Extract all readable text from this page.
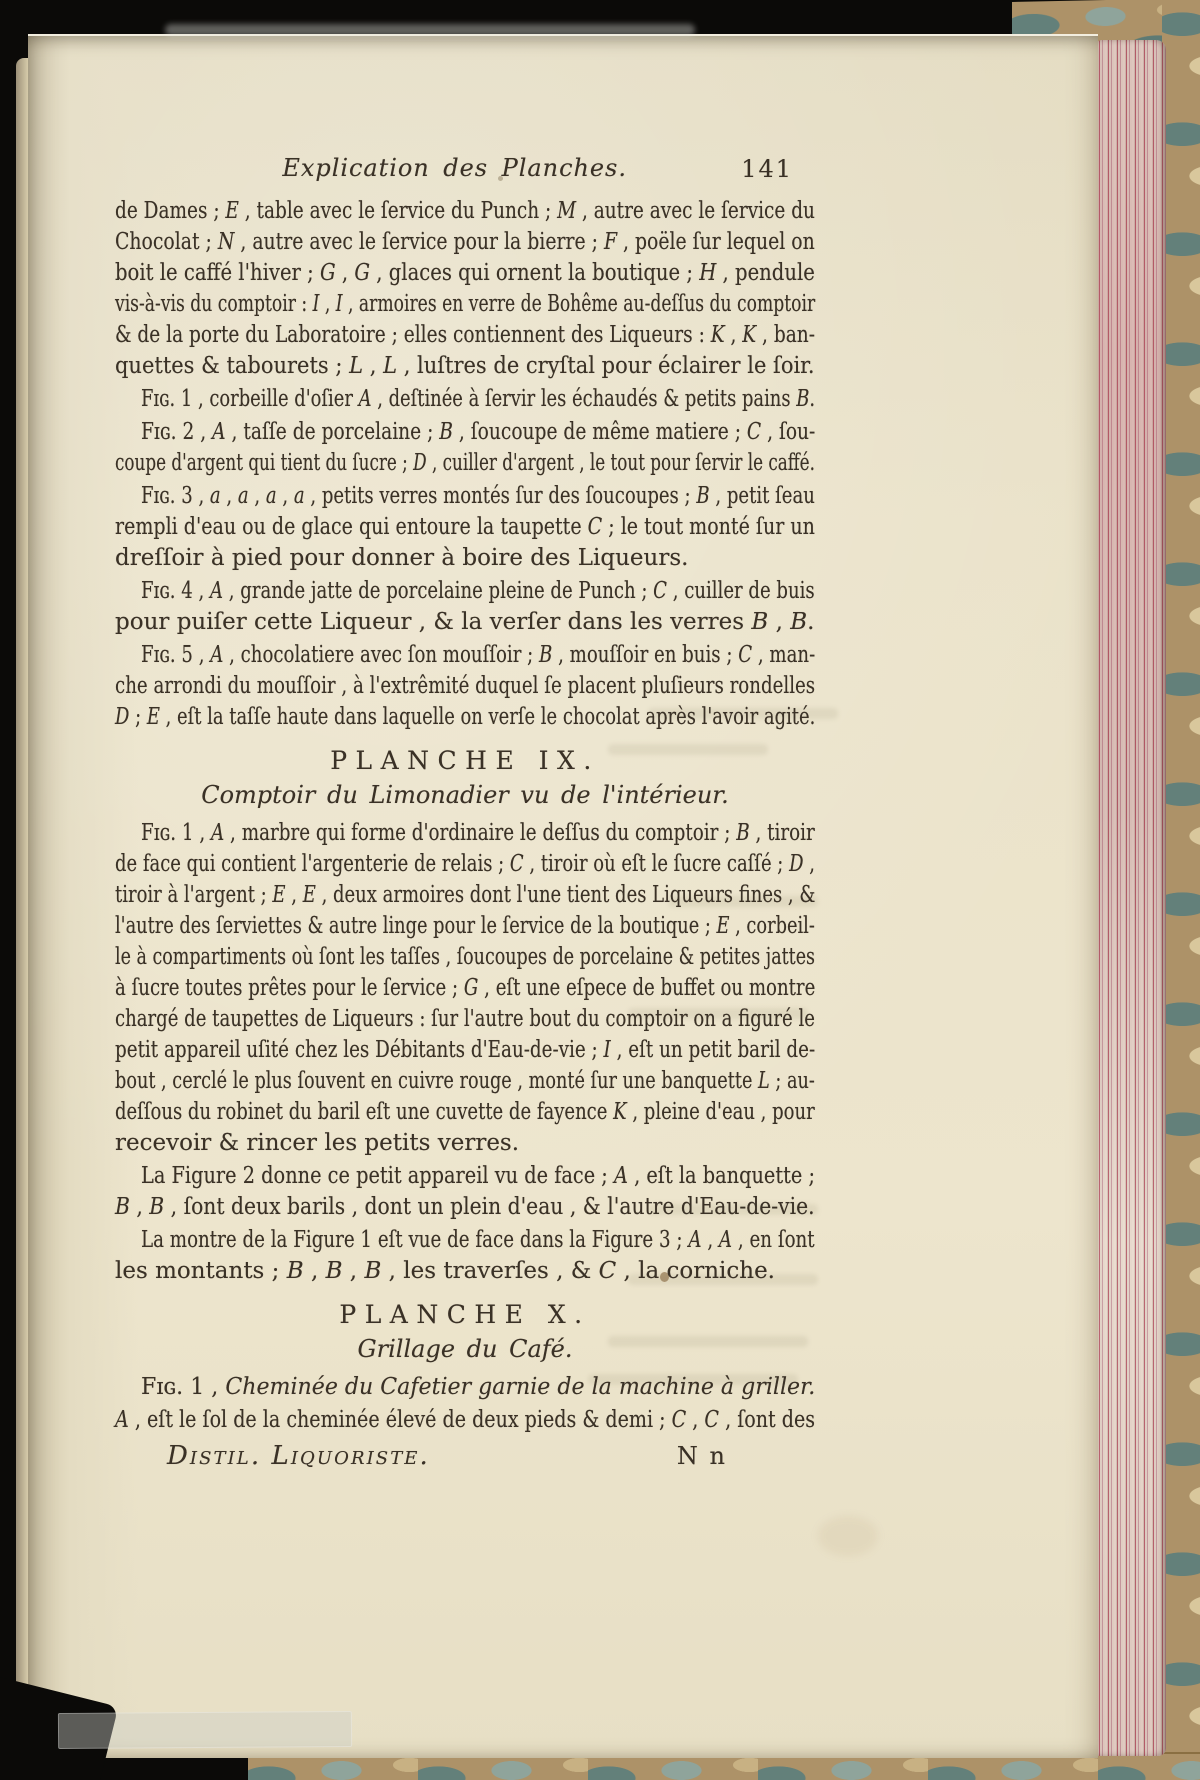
Explication des Planches.	141
de Dames ; E , table avec le ſervice du Punch ; M , autre avec le ſervice du
Chocolat ; N , autre avec le ſervice pour la bierre ; F , poële ſur lequel on
boit le caffé l'hiver ; G , G , glaces qui ornent la boutique ; H , pendule
vis-à-vis du comptoir : I , I , armoires en verre de Bohême au-deſſus du comptoir
& de la porte du Laboratoire ; elles contiennent des Liqueurs : K , K , ban-
quettes & tabourets ; L , L , luſtres de cryſtal pour éclairer le ſoir.
Fɪɢ. 1 , corbeille d'oſier A , deſtinée à ſervir les échaudés & petits pains B.
Fɪɢ. 2 , A , taſſe de porcelaine ; B , ſoucoupe de même matiere ; C , ſou-
coupe d'argent qui tient du ſucre ; D , cuiller d'argent , le tout pour ſervir le caffé.
Fɪɢ. 3 , a , a , a , a , petits verres montés ſur des ſoucoupes ; B , petit ſeau
rempli d'eau ou de glace qui entoure la taupette C ; le tout monté ſur un
dreſſoir à pied pour donner à boire des Liqueurs.
Fɪɢ. 4 , A , grande jatte de porcelaine pleine de Punch ; C , cuiller de buis
pour puiſer cette Liqueur , & la verſer dans les verres B , B.
Fɪɢ. 5 , A , chocolatiere avec ſon mouſſoir ; B , mouſſoir en buis ; C , man-
che arrondi du mouſſoir , à l'extrêmité duquel ſe placent pluſieurs rondelles
D ; E , eſt la taſſe haute dans laquelle on verſe le chocolat après l'avoir agité.
PLANCHE IX.
Comptoir du Limonadier vu de l'intérieur.
Fɪɢ. 1 , A , marbre qui forme d'ordinaire le deſſus du comptoir ; B , tiroir
de face qui contient l'argenterie de relais ; C , tiroir où eſt le ſucre caſſé ; D ,
tiroir à l'argent ; E , E , deux armoires dont l'une tient des Liqueurs fines , &
l'autre des ſerviettes & autre linge pour le ſervice de la boutique ; E , corbeil-
le à compartiments où ſont les taſſes , ſoucoupes de porcelaine & petites jattes
à ſucre toutes prêtes pour le ſervice ; G , eſt une eſpece de buffet ou montre
chargé de taupettes de Liqueurs : ſur l'autre bout du comptoir on a figuré le
petit appareil uſité chez les Débitants d'Eau-de-vie ; I , eſt un petit baril de-
bout , cerclé le plus ſouvent en cuivre rouge , monté ſur une banquette L ; au-
deſſous du robinet du baril eſt une cuvette de fayence K , pleine d'eau , pour
recevoir & rincer les petits verres.
La Figure 2 donne ce petit appareil vu de face ; A , eſt la banquette ;
B , B , ſont deux barils , dont un plein d'eau , & l'autre d'Eau-de-vie.
La montre de la Figure 1 eſt vue de face dans la Figure 3 ; A , A , en ſont
les montants ; B , B , B , les traverſes , & C , la corniche.
PLANCHE X.
Grillage du Café.
Fɪɢ. 1 , Cheminée du Cafetier garnie de la machine à griller.
A , eſt le ſol de la cheminée élevé de deux pieds & demi ; C , C , ſont des
Distil. Liquoriste.	N n
